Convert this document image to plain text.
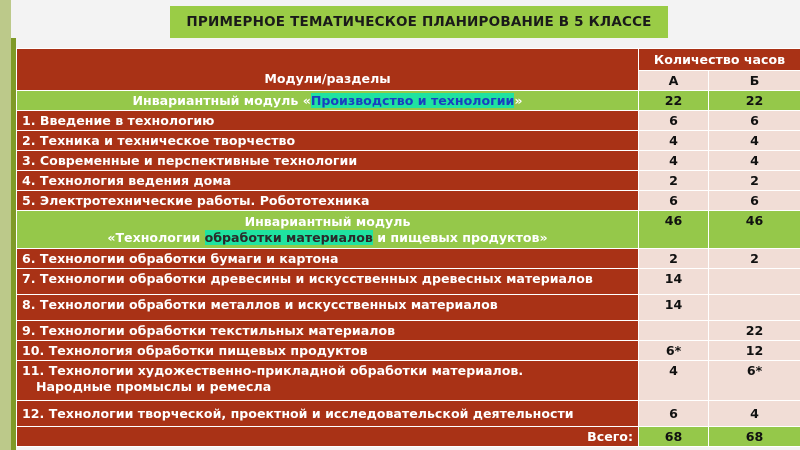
ПРИМЕРНОЕ ТЕМАТИЧЕСКОЕ ПЛАНИРОВАНИЕ В 5 КЛАССЕ
Модули/разделы	Количество часов	
	А	Б
Инвариантный модуль «Производство и технологии»	22	22
1. Введение в технологию	6	6
2. Техника и техническое творчество	4	4
3. Современные и перспективные технологии	4	4
4. Технология ведения дома	2	2
5. Электротехнические работы. Робототехника	6	6
Инвариантный модуль
«Технологии обработки материалов и пищевых продуктов»	46	46
6. Технологии обработки бумаги и картона	2	2
7. Технологии обработки древесины и искусственных древесных материалов	14	
8. Технологии обработки металлов и искусственных материалов	14	
9. Технологии обработки текстильных материалов		22
10. Технология обработки пищевых продуктов	6*	12
11. Технологии художественно-прикладной обработки материалов.
Народные промыслы и ремесла	4	6*
12. Технологии творческой, проектной и исследовательской деятельности	6	4
Всего:	68	68
